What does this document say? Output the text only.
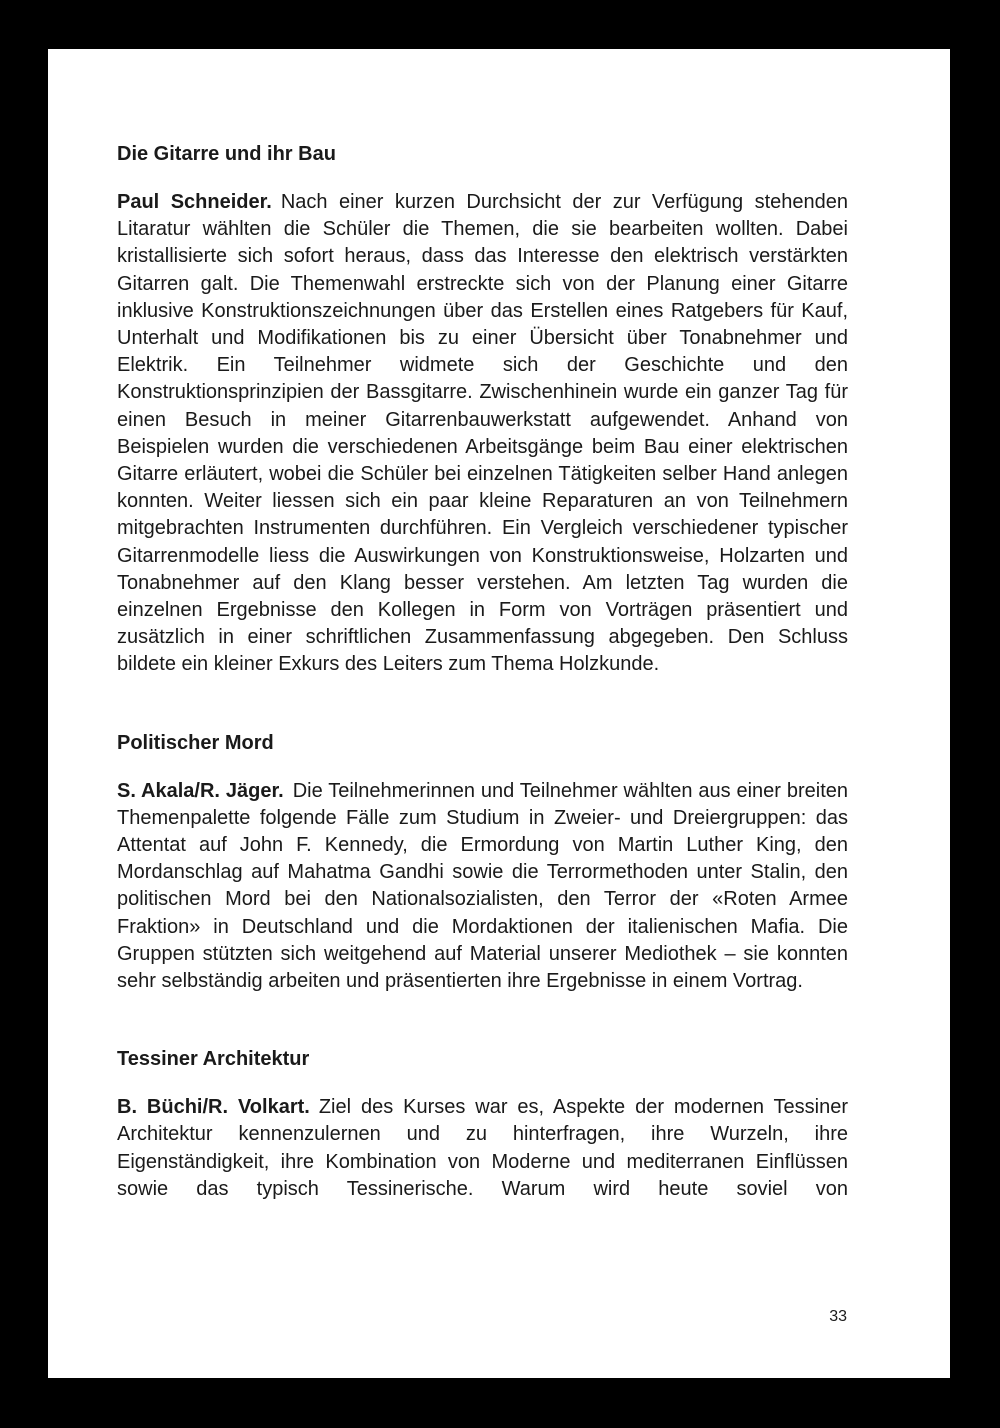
Die Gitarre und ihr Bau

Paul Schneider. Nach einer kurzen Durchsicht der zur Verfügung stehenden Litaratur wählten die Schüler die Themen, die sie bearbeiten wollten. Dabei kristallisierte sich sofort heraus, dass das Interesse den elektrisch verstärkten Gitarren galt. Die Themenwahl erstreckte sich von der Planung einer Gitarre inklusive Konstruktionszeichnungen über das Erstellen eines Ratgebers für Kauf, Unterhalt und Modifikationen bis zu einer Übersicht über Tonabnehmer und Elektrik. Ein Teilnehmer widmete sich der Geschichte und den Konstruktionsprinzipien der Bassgitarre. Zwischenhinein wurde ein ganzer Tag für einen Besuch in meiner Gitarrenbauwerkstatt aufgewendet. Anhand von Beispielen wurden die verschiedenen Arbeitsgänge beim Bau einer elektrischen Gitarre erläutert, wobei die Schüler bei einzelnen Tätigkeiten selber Hand anlegen konnten. Weiter liessen sich ein paar kleine Reparaturen an von Teilnehmern mitgebrachten Instrumenten durchführen. Ein Vergleich verschiedener typischer Gitarrenmodelle liess die Auswirkungen von Konstruktionsweise, Holzarten und Tonabnehmer auf den Klang besser verstehen. Am letzten Tag wurden die einzelnen Ergebnisse den Kollegen in Form von Vorträgen präsentiert und zusätzlich in einer schriftlichen Zusammenfassung abgegeben. Den Schluss bildete ein kleiner Exkurs des Leiters zum Thema Holzkunde.

Politischer Mord

S. Akala/R. Jäger. Die Teilnehmerinnen und Teilnehmer wählten aus einer breiten Themenpalette folgende Fälle zum Studium in Zweier- und Dreiergruppen: das Attentat auf John F. Kennedy, die Ermordung von Martin Luther King, den Mordanschlag auf Mahatma Gandhi sowie die Terrormethoden unter Stalin, den politischen Mord bei den Nationalsozialisten, den Terror der «Roten Armee Fraktion» in Deutschland und die Mordaktionen der italienischen Mafia. Die Gruppen stützten sich weitgehend auf Material unserer Mediothek – sie konnten sehr selbständig arbeiten und präsentierten ihre Ergebnisse in einem Vortrag.

Tessiner Architektur

B. Büchi/R. Volkart. Ziel des Kurses war es, Aspekte der modernen Tessiner Architektur kennenzulernen und zu hinterfragen, ihre Wurzeln, ihre Eigenständigkeit, ihre Kombination von Moderne und mediterranen Einflüssen sowie das typisch Tessinerische. Warum wird heute soviel von

33
